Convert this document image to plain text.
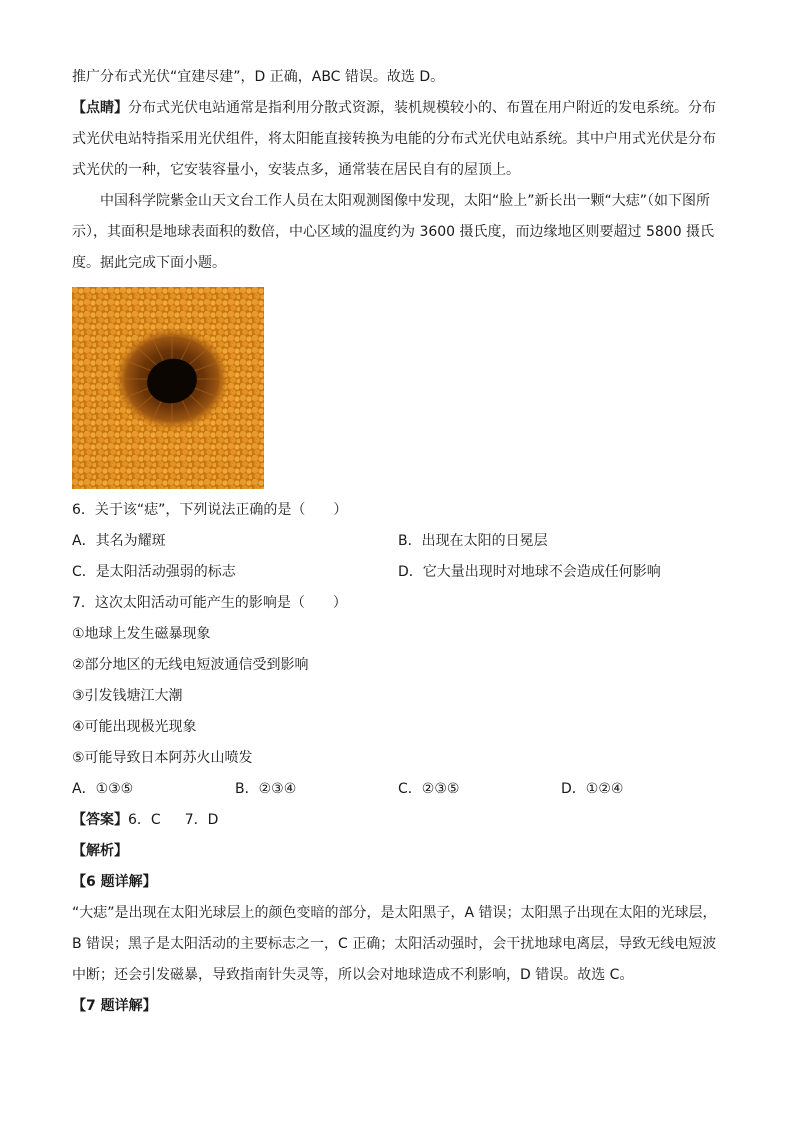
推广分布式光伏“宜建尽建”，D 正确，ABC 错误。故选 D。

【点睛】分布式光伏电站通常是指利用分散式资源，装机规模较小的、布置在用户附近的发电系统。分布式光伏电站特指采用光伏组件，将太阳能直接转换为电能的分布式光伏电站系统。其中户用式光伏是分布式光伏的一种，它安装容量小，安装点多，通常装在居民自有的屋顶上。

中国科学院紫金山天文台工作人员在太阳观测图像中发现，太阳“脸上”新长出一颗“大痣”（如下图所示），其面积是地球表面积的数倍，中心区域的温度约为 3600 摄氏度，而边缘地区则要超过 5800 摄氏度。据此完成下面小题。

6．关于该“痣”，下列说法正确的是（　　）

A．其名为耀斑	B．出现在太阳的日冕层
C．是太阳活动强弱的标志	D．它大量出现时对地球不会造成任何影响

7．这次太阳活动可能产生的影响是（　　）

①地球上发生磁暴现象

②部分地区的无线电短波通信受到影响

③引发钱塘江大潮

④可能出现极光现象

⑤可能导致日本阿苏火山喷发

A．①③⑤	B．②③④	C．②③⑤	D．①②④

【答案】6．C 7．D

【解析】

【6 题详解】

“大痣”是出现在太阳光球层上的颜色变暗的部分，是太阳黑子，A 错误；太阳黑子出现在太阳的光球层，B 错误；黑子是太阳活动的主要标志之一，C 正确；太阳活动强时，会干扰地球电离层，导致无线电短波中断；还会引发磁暴，导致指南针失灵等，所以会对地球造成不利影响，D 错误。故选 C。

【7 题详解】
